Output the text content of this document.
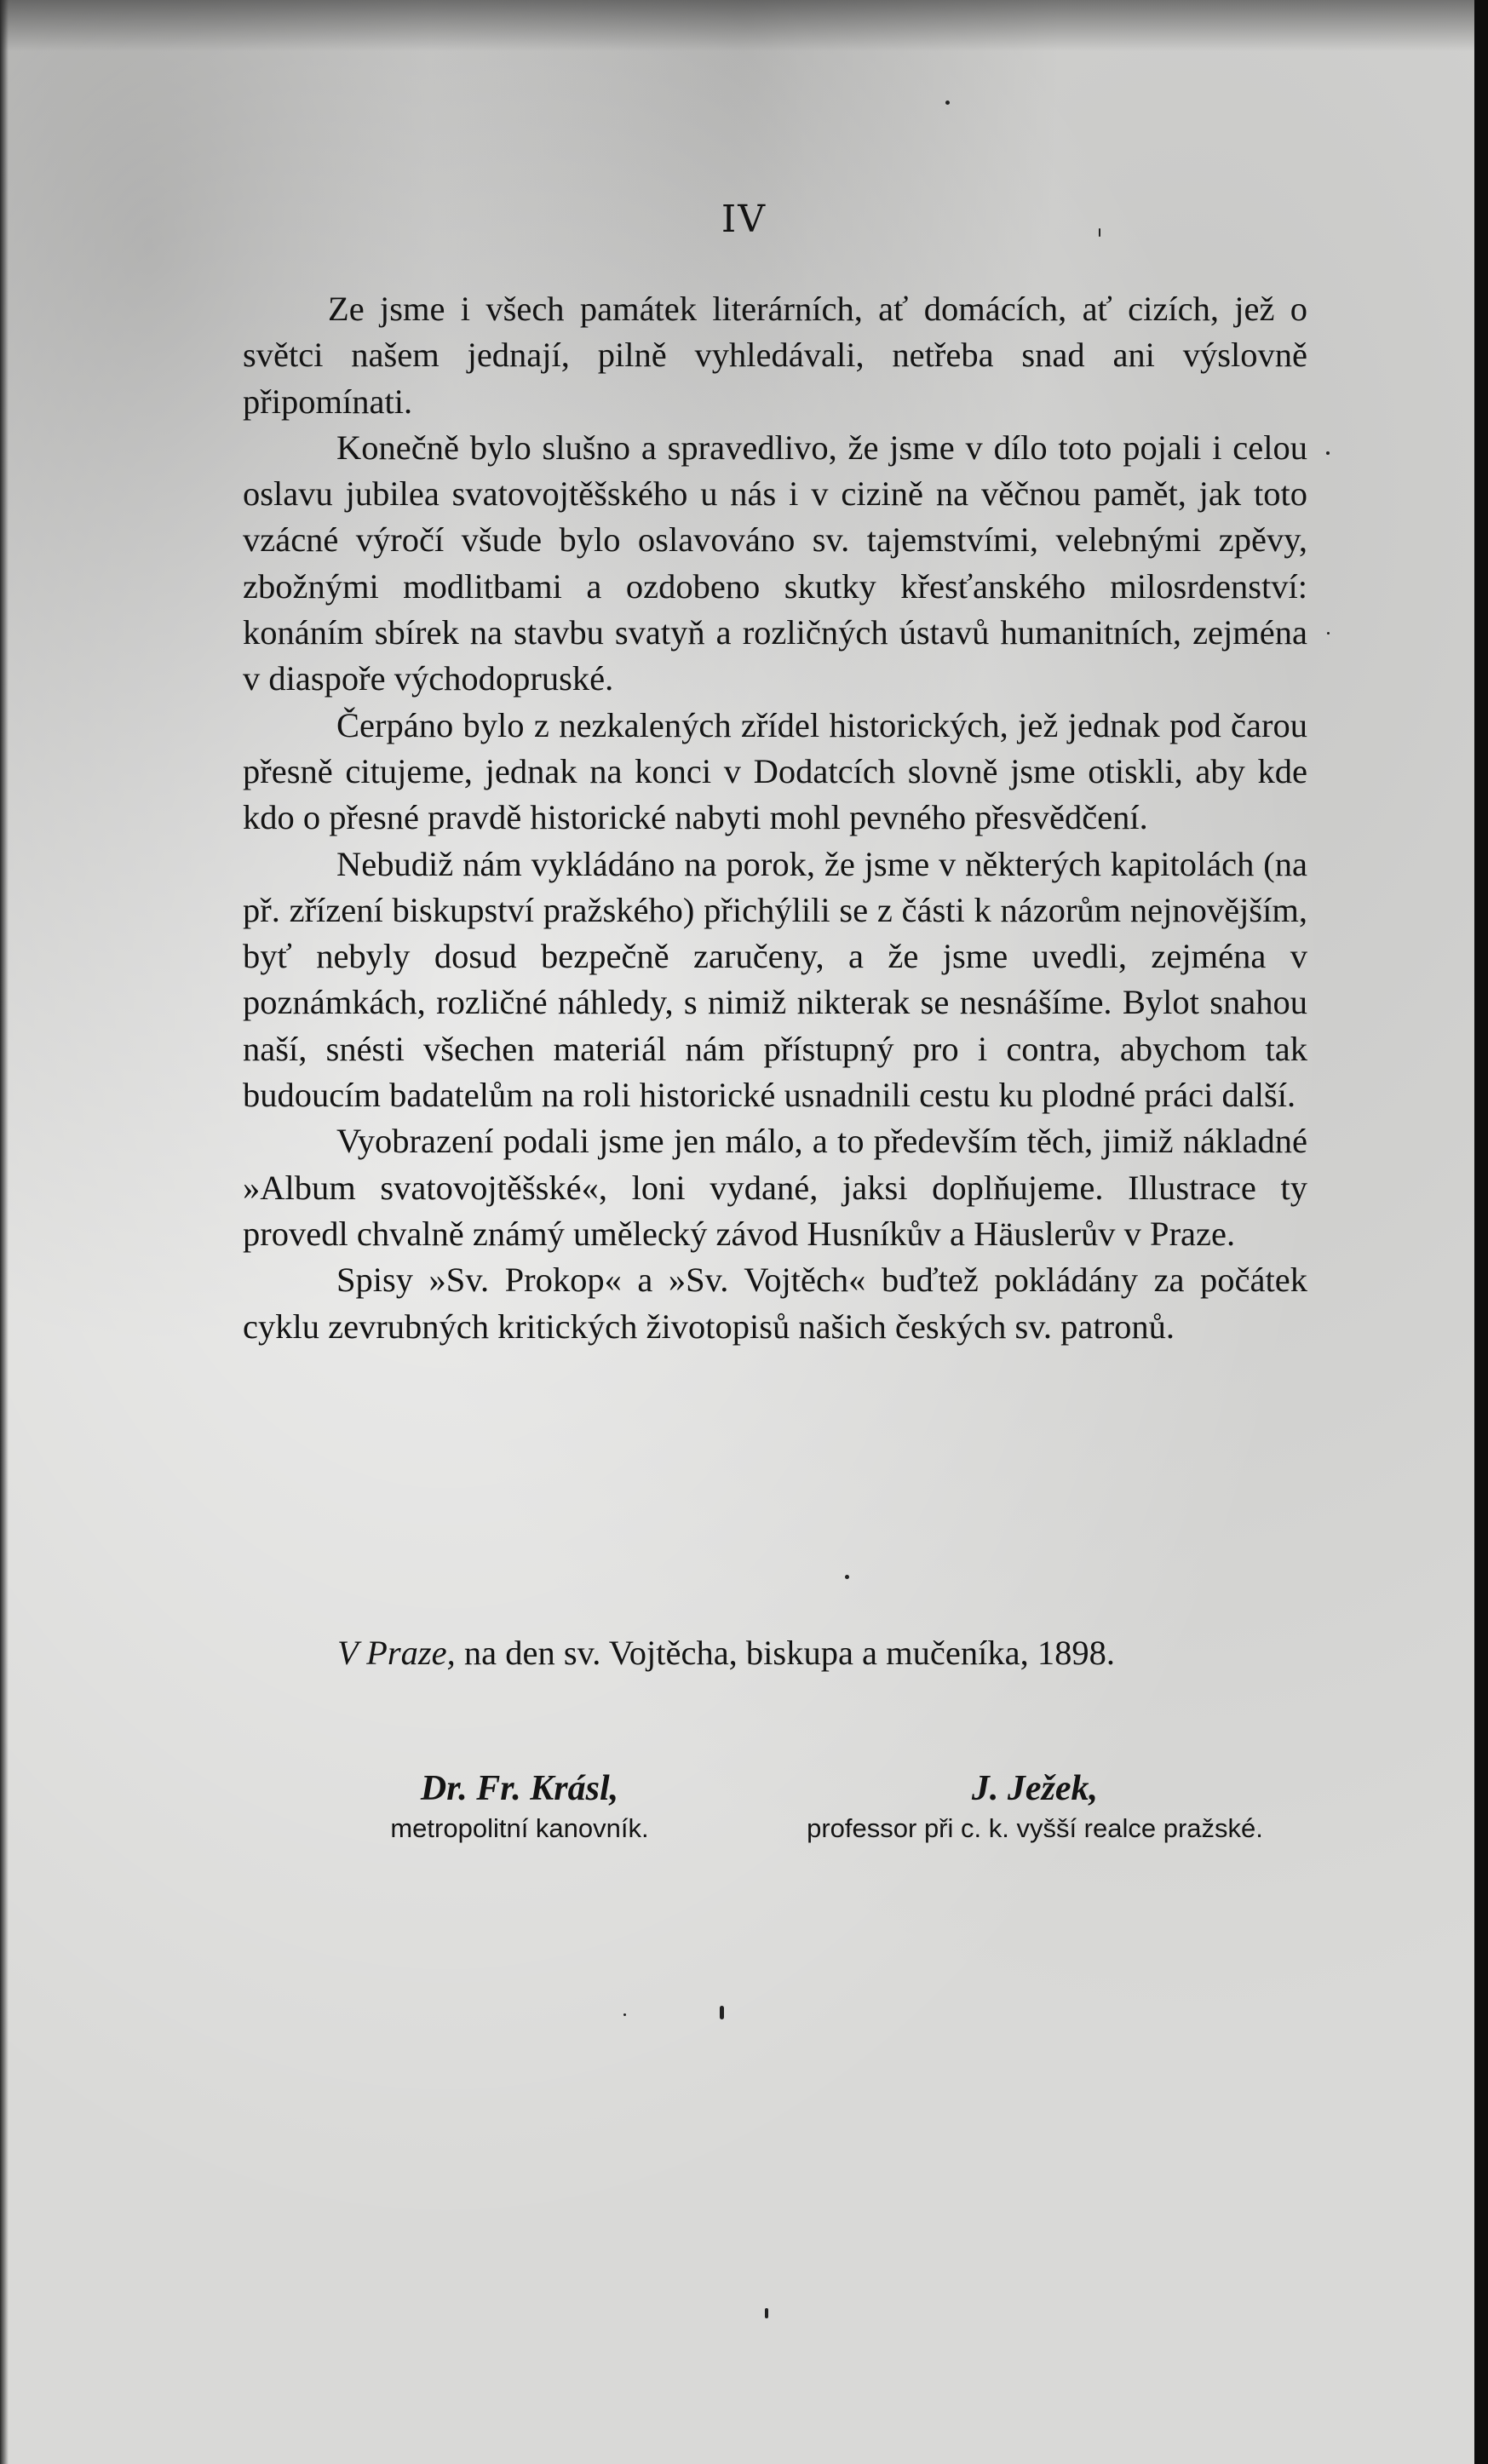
IV

Ze jsme i všech památek literárních, ať domácích, ať cizích, jež o světci našem jednají, pilně vyhledávali, netřeba snad ani výslovně připomínati.

Konečně bylo slušno a spravedlivo, že jsme v dílo toto pojali i celou oslavu jubilea svatovojtěšského u nás i v cizině na věčnou pamět, jak toto vzácné výročí všude bylo oslavováno sv. tajemstvími, velebnými zpěvy, zbožnými modlitbami a ozdobeno skutky křesťanského milosrdenství: konáním sbírek na stavbu svatyň a rozličných ústavů humanitních, zejména v diaspoře východopruské.

Čerpáno bylo z nezkalených zřídel historických, jež jednak pod čarou přesně citujeme, jednak na konci v Dodatcích slovně jsme otiskli, aby kde kdo o přesné pravdě historické nabyti mohl pevného přesvědčení.

Nebudiž nám vykládáno na porok, že jsme v některých kapitolách (na př. zřízení biskupství pražského) přichýlili se z části k názorům nejnovějším, byť nebyly dosud bezpečně zaručeny, a že jsme uvedli, zejména v poznámkách, rozličné náhledy, s nimiž nikterak se nesnášíme. Bylot snahou naší, snésti všechen materiál nám přístupný pro i contra, abychom tak budoucím badatelům na roli historické usnadnili cestu ku plodné práci další.

Vyobrazení podali jsme jen málo, a to především těch, jimiž nákladné »Album svatovojtěšské«, loni vydané, jaksi doplňujeme. Illustrace ty provedl chvalně známý umělecký závod Husníkův a Häuslerův v Praze.

Spisy »Sv. Prokop« a »Sv. Vojtěch« buďtež pokládány za počátek cyklu zevrubných kritických životopisů našich českých sv. patronů.

V Praze, na den sv. Vojtěcha, biskupa a mučeníka, 1898.
Dr. Fr. Krásl,
metropolitní kanovník.
J. Ježek,
professor při c. k. vyšší realce pražské.
